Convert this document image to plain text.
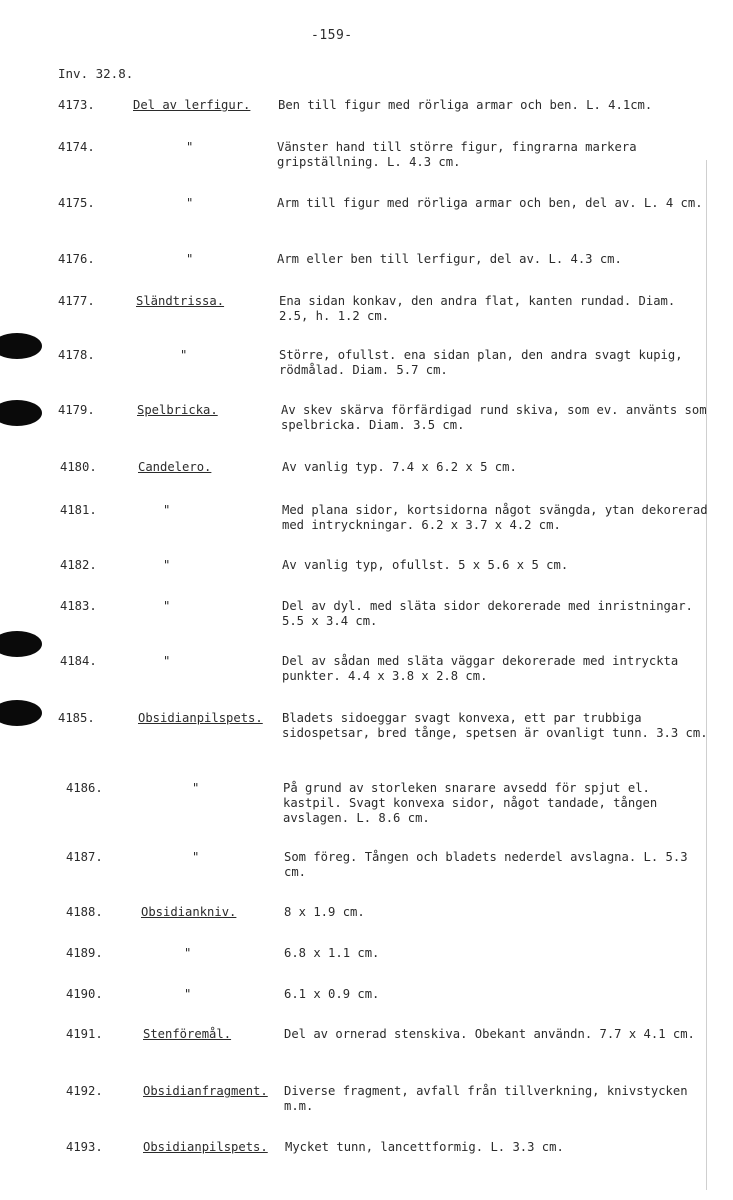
-159-
Inv. 32.8.
4173.	Del av lerfigur. Ben till figur med rörliga armar och ben. L. 4.1cm.
4174.	"	Vänster hand till större figur, fingrarna markera gripställning. L. 4.3 cm.
4175.	"	Arm till figur med rörliga armar och ben, del av. L. 4 cm.
4176.	"	Arm eller ben till lerfigur, del av. L. 4.3 cm.
4177.	Sländtrissa.	Ena sidan konkav, den andra flat, kanten rundad. Diam. 2.5, h. 1.2 cm.
4178.	"	Större, ofullst. ena sidan plan, den andra svagt kupig, rödmålad. Diam. 5.7 cm.
4179.	Spelbricka.	Av skev skärva förfärdigad rund skiva, som ev. använts som spelbricka. Diam. 3.5 cm.
4180.	Candelero.	Av vanlig typ. 7.4 x 6.2 x 5 cm.
4181.	"	Med plana sidor, kortsidorna något svängda, ytan dekorerad med intryckningar. 6.2 x 3.7 x 4.2 cm.
4182.	"	Av vanlig typ, ofullst. 5 x 5.6 x 5 cm.
4183.	"	Del av dyl. med släta sidor dekorerade med inristningar. 5.5 x 3.4 cm.
4184.	"	Del av sådan med släta väggar dekorerade med intryckta punkter. 4.4 x 3.8 x 2.8 cm.
4185.	Obsidianpilspets. Bladets sidoeggar svagt konvexa, ett par trubbiga sidospetsar, bred tånge, spetsen är ovanligt tunn. 3.3 cm.
4186.	"	På grund av storleken snarare avsedd för spjut el. kastpil. Svagt konvexa sidor, något tandade, tången avslagen. L. 8.6 cm.
4187.	"	Som föreg. Tången och bladets nederdel avslagna. L. 5.3 cm.
4188.	Obsidiankniv.	8 x 1.9 cm.
4189.	"	6.8 x 1.1 cm.
4190.	"	6.1 x 0.9 cm.
4191.	Stenföremål.	Del av ornerad stenskiva. Obekant användn. 7.7 x 4.1 cm.
4192.	Obsidianfragment. Diverse fragment, avfall från tillverkning, knivstycken m.m.
4193.	Obsidianpilspets. Mycket tunn, lancettformig. L. 3.3 cm.
